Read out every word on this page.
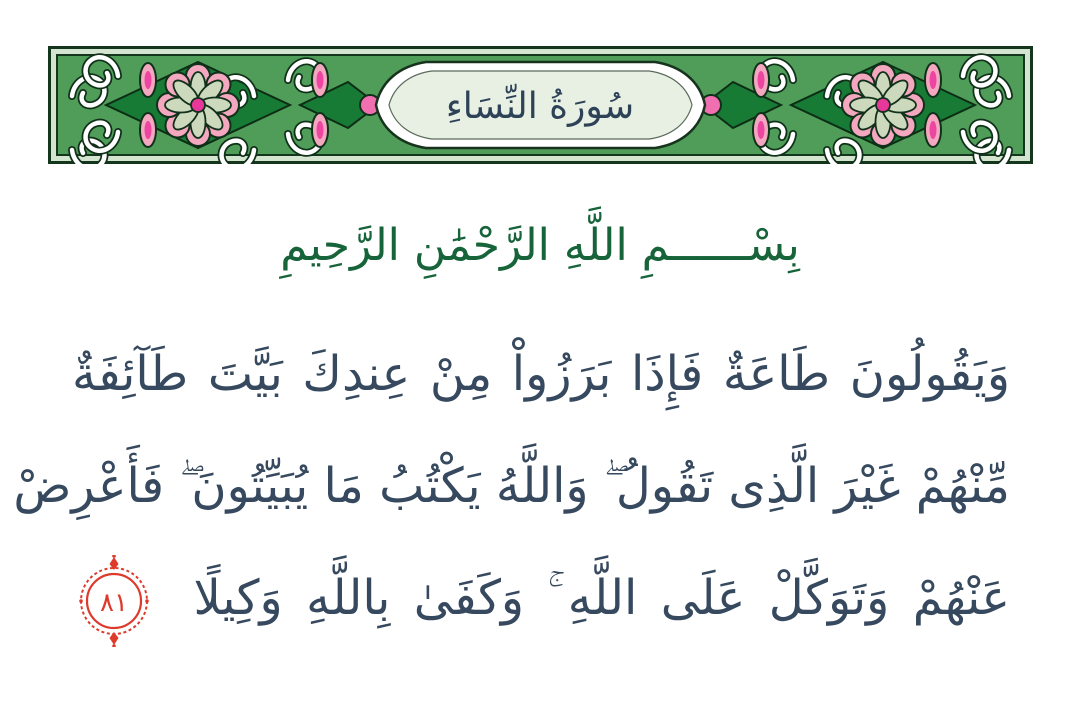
سُورَةُ النِّسَاءِ
بِسْــــــمِ اللَّهِ الرَّحْمَٰنِ الرَّحِيمِ
وَيَقُولُونَ طَاعَةٌ فَإِذَا بَرَزُواْ مِنْ عِندِكَ بَيَّتَ طَآئِفَةٌ
مِّنْهُمْ غَيْرَ الَّذِى تَقُولُ ۖ وَاللَّهُ يَكْتُبُ مَا يُبَيِّتُونَ ۖ فَأَعْرِضْ
عَنْهُمْ وَتَوَكَّلْ عَلَى اللَّهِ ۚ وَكَفَىٰ بِاللَّهِ وَكِيلًا
٨١
